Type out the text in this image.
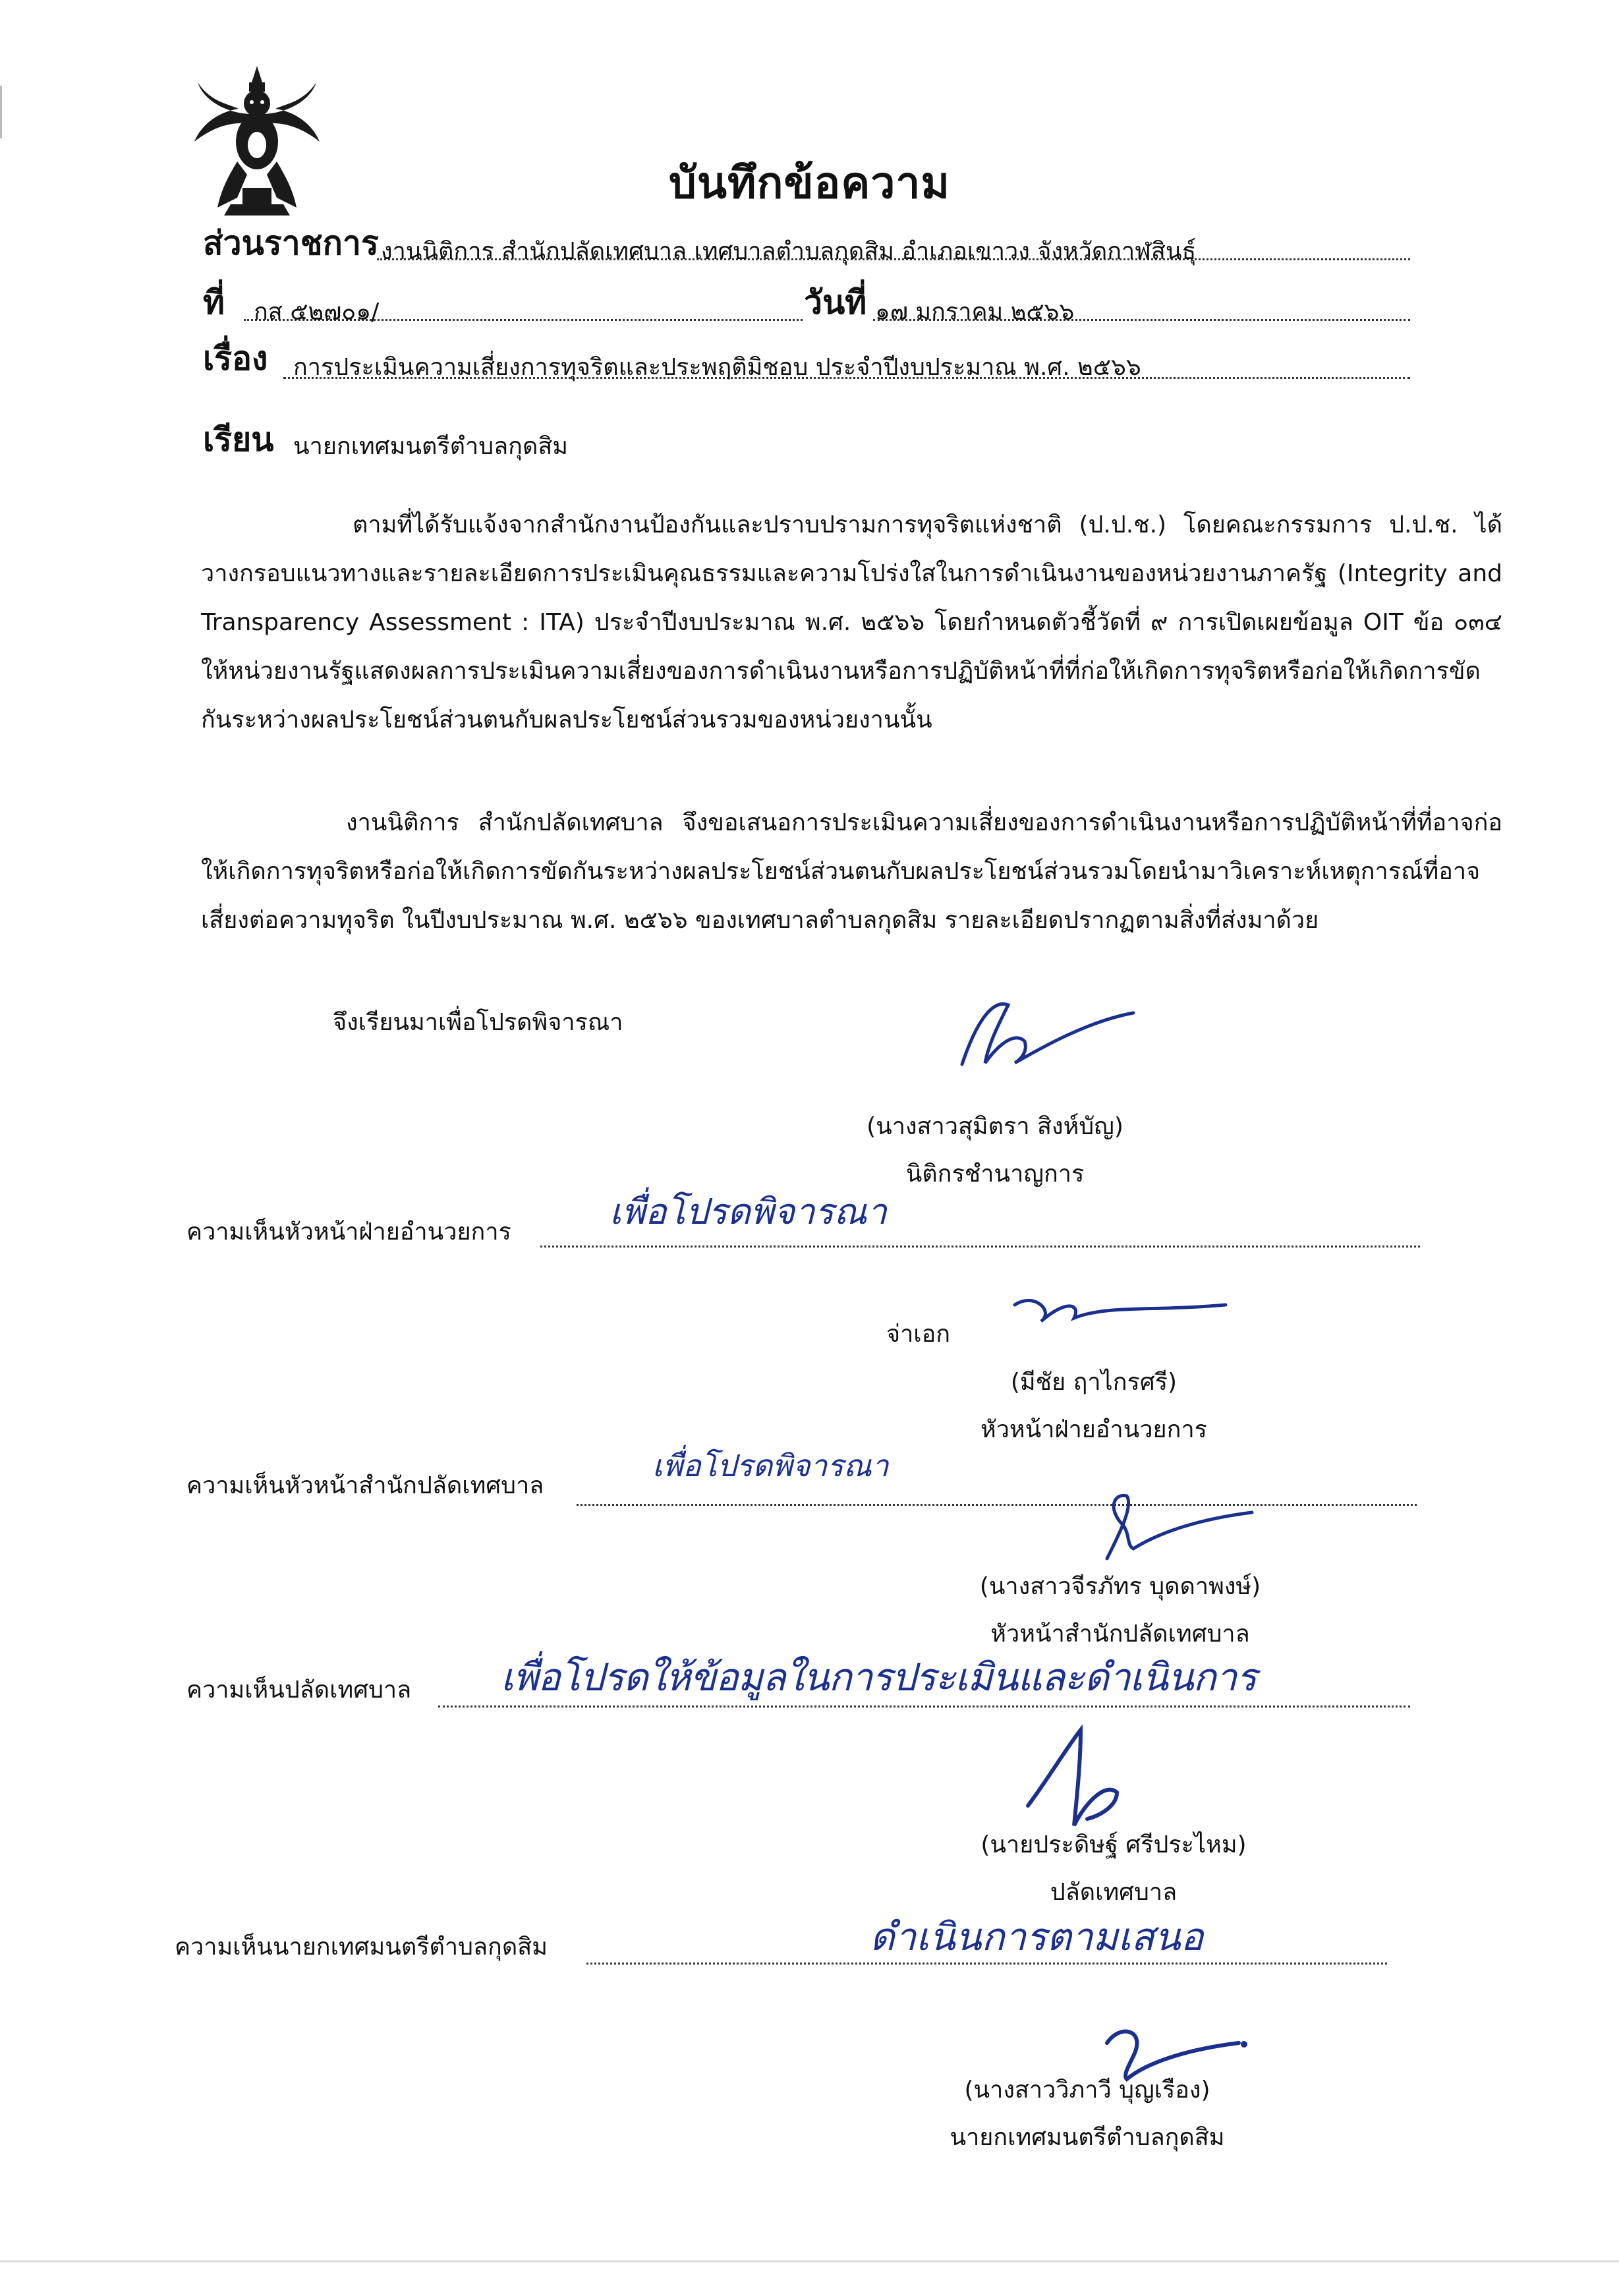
บันทึกข้อความ
ส่วนราชการ งานนิติการ สำนักปลัดเทศบาล เทศบาลตำบลกุดสิม อำเภอเขาวง จังหวัดกาฬสินธุ์
ที่ กส ๕๒๗๐๑/	วันที่ ๑๗ มกราคม ๒๕๖๖
เรื่อง การประเมินความเสี่ยงการทุจริตและประพฤติมิชอบ ประจำปีงบประมาณ พ.ศ. ๒๕๖๖
เรียน นายกเทศมนตรีตำบลกุดสิม
ตามที่ได้รับแจ้งจากสำนักงานป้องกันและปราบปรามการทุจริตแห่งชาติ (ป.ป.ช.) โดยคณะกรรมการ ป.ป.ช. ได้วางกรอบแนวทางและรายละเอียดการประเมินคุณธรรมและความโปร่งใสในการดำเนินงานของหน่วยงานภาครัฐ (Integrity and Transparency Assessment : ITA) ประจำปีงบประมาณ พ.ศ. ๒๕๖๖ โดยกำหนดตัวชี้วัดที่ ๙ การเปิดเผยข้อมูล OIT ข้อ ๐๓๔ ให้หน่วยงานรัฐแสดงผลการประเมินความเสี่ยงของการดำเนินงานหรือการปฏิบัติหน้าที่ที่ก่อให้เกิดการทุจริตหรือก่อให้เกิดการขัดกันระหว่างผลประโยชน์ส่วนตนกับผลประโยชน์ส่วนรวมของหน่วยงานนั้น
งานนิติการ สำนักปลัดเทศบาล จึงขอเสนอการประเมินความเสี่ยงของการดำเนินงานหรือการปฏิบัติหน้าที่ที่อาจก่อให้เกิดการทุจริตหรือก่อให้เกิดการขัดกันระหว่างผลประโยชน์ส่วนตนกับผลประโยชน์ส่วนรวมโดยนำมาวิเคราะห์เหตุการณ์ที่อาจเสี่ยงต่อความทุจริต ในปีงบประมาณ พ.ศ. ๒๕๖๖ ของเทศบาลตำบลกุดสิม รายละเอียดปรากฏตามสิ่งที่ส่งมาด้วย
จึงเรียนมาเพื่อโปรดพิจารณา
(นางสาวสุมิตรา สิงห์บัญ)
นิติกรชำนาญการ
ความเห็นหัวหน้าฝ่ายอำนวยการ	เพื่อโปรดพิจารณา
จ่าเอก
(มีชัย ฤาไกรศรี)
หัวหน้าฝ่ายอำนวยการ
ความเห็นหัวหน้าสำนักปลัดเทศบาล
เพื่อโปรดพิจารณา
(นางสาวจีรภัทร บุดดาพงษ์)
หัวหน้าสำนักปลัดเทศบาล
ความเห็นปลัดเทศบาล เพื่อโปรดให้ข้อมูลในการประเมินและดำเนินการ
(นายประดิษฐ์ ศรีประไหม)
ปลัดเทศบาล
ความเห็นนายกเทศมนตรีตำบลกุดสิม	ดำเนินการตามเสนอ
(นางสาววิภาวี บุญเรือง)
นายกเทศมนตรีตำบลกุดสิม
